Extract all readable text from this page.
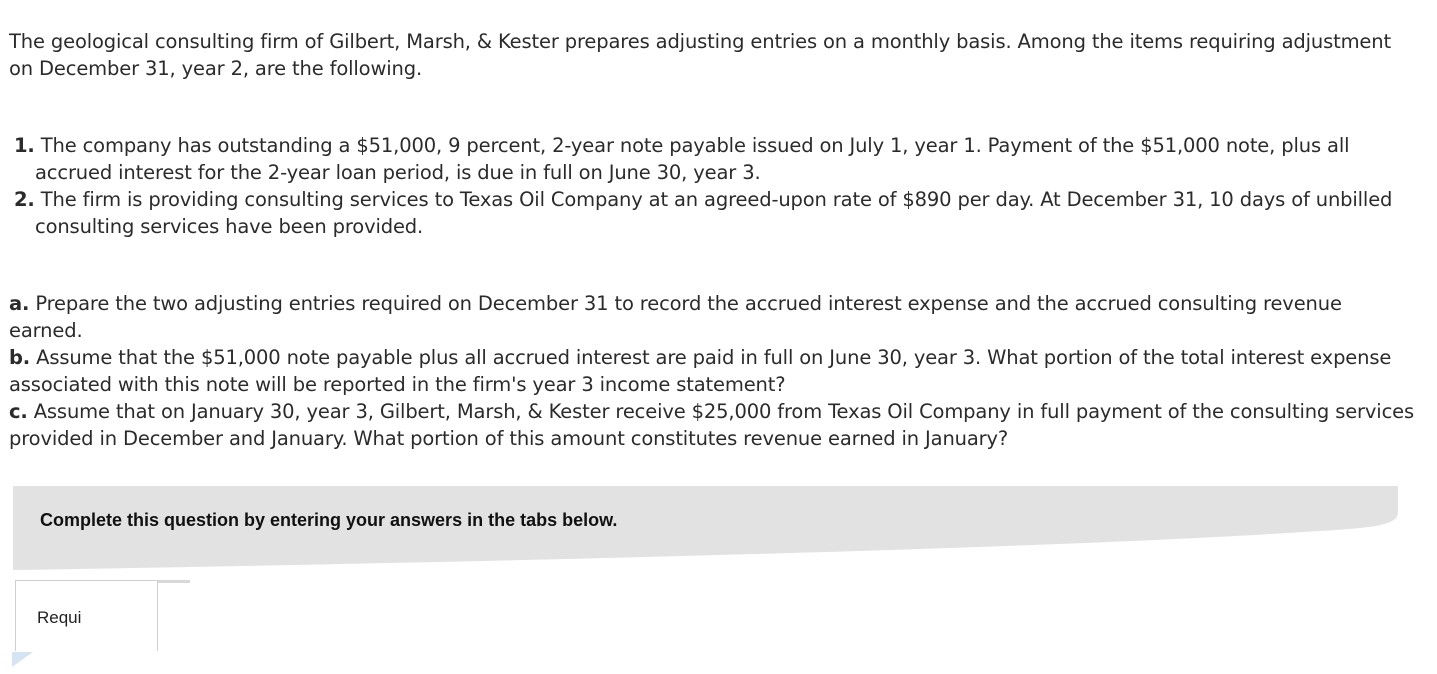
The geological consulting firm of Gilbert, Marsh, & Kester prepares adjusting entries on a monthly basis. Among the items requiring adjustment on December 31, year 2, are the following.

1. The company has outstanding a $51,000, 9 percent, 2-year note payable issued on July 1, year 1. Payment of the $51,000 note, plus all accrued interest for the 2-year loan period, is due in full on June 30, year 3.
2. The firm is providing consulting services to Texas Oil Company at an agreed-upon rate of $890 per day. At December 31, 10 days of unbilled consulting services have been provided.

a. Prepare the two adjusting entries required on December 31 to record the accrued interest expense and the accrued consulting revenue earned.

b. Assume that the $51,000 note payable plus all accrued interest are paid in full on June 30, year 3. What portion of the total interest expense associated with this note will be reported in the firm's year 3 income statement?

c. Assume that on January 30, year 3, Gilbert, Marsh, & Kester receive $25,000 from Texas Oil Company in full payment of the consulting services provided in December and January. What portion of this amount constitutes revenue earned in January?

Complete this question by entering your answers in the tabs below.
Requi
